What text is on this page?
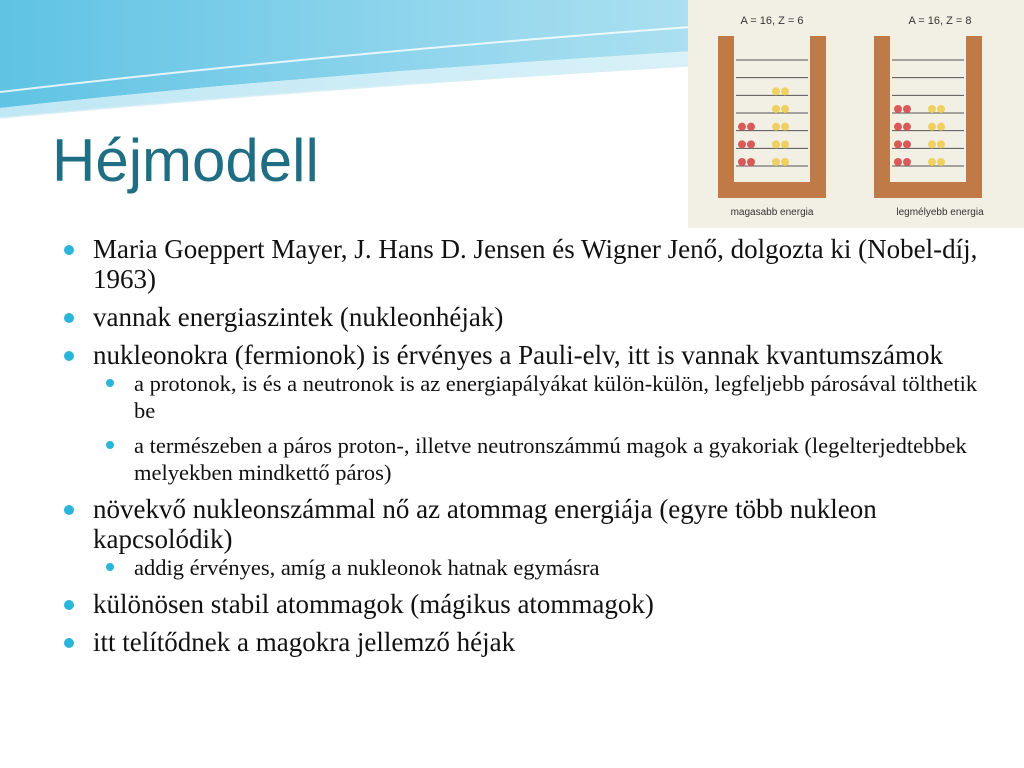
Héjmodell
A = 16, Z = 6
magasabb energia
A = 16, Z = 8
legmélyebb energia
Maria Goeppert Mayer, J. Hans D. Jensen és Wigner Jenő, dolgozta ki (Nobel-díj, 1963)
vannak energiaszintek (nukleonhéjak)
nukleonokra (fermionok) is érvényes a Pauli-elv, itt is vannak kvantumszámok
a protonok, is és a neutronok is az energiapályákat külön-külön, legfeljebb párosával tölthetik be
a természeben a páros proton-, illetve neutronszámmú magok a gyakoriak (legelterjedtebbek melyekben mindkettő páros)
növekvő nukleonszámmal nő az atommag energiája (egyre több nukleon kapcsolódik)
addig érvényes, amíg a nukleonok hatnak egymásra
különösen stabil atommagok (mágikus atommagok)
itt telítődnek a magokra jellemző héjak
